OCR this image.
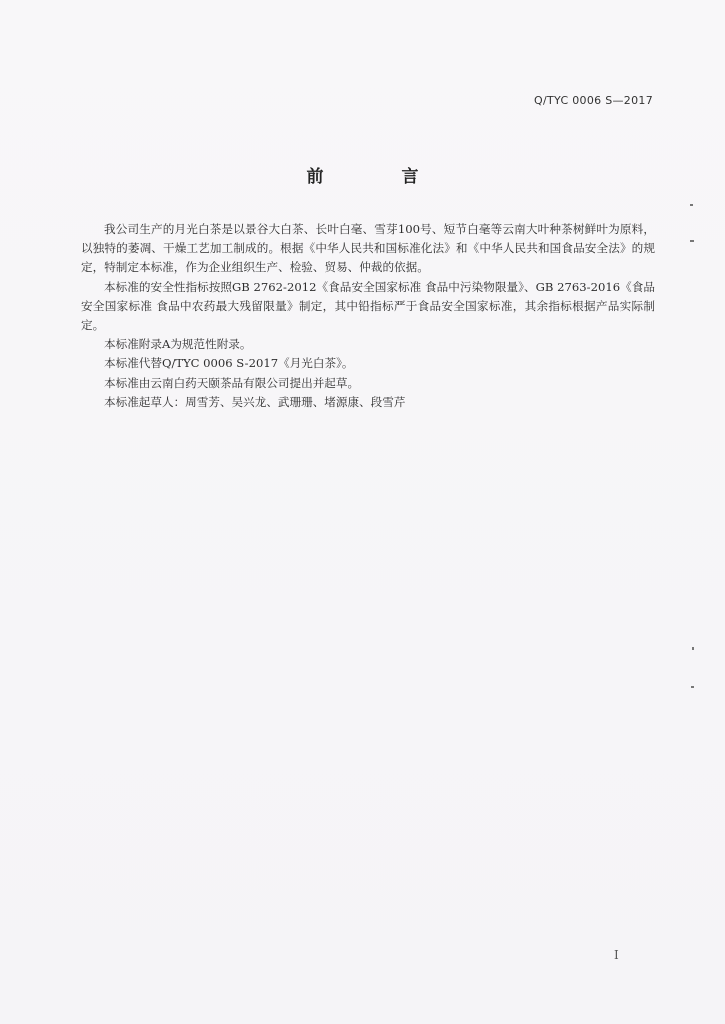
Q/TYC 0006 S—2017
前 言

我公司生产的月光白茶是以景谷大白茶、长叶白毫、雪芽100号、短节白毫等云南大叶种茶树鲜叶为原料，以独特的萎凋、干燥工艺加工制成的。根据《中华人民共和国标准化法》和《中华人民共和国食品安全法》的规定，特制定本标准，作为企业组织生产、检验、贸易、仲裁的依据。

本标准的安全性指标按照GB 2762-2012《食品安全国家标准 食品中污染物限量》、GB 2763-2016《食品安全国家标准 食品中农药最大残留限量》制定，其中铅指标严于食品安全国家标准，其余指标根据产品实际制定。

本标准附录A为规范性附录。

本标准代替Q/TYC 0006 S-2017《月光白茶》。

本标准由云南白药天颐茶品有限公司提出并起草。

本标准起草人：周雪芳、吴兴龙、武珊珊、堵源康、段雪芹

I
